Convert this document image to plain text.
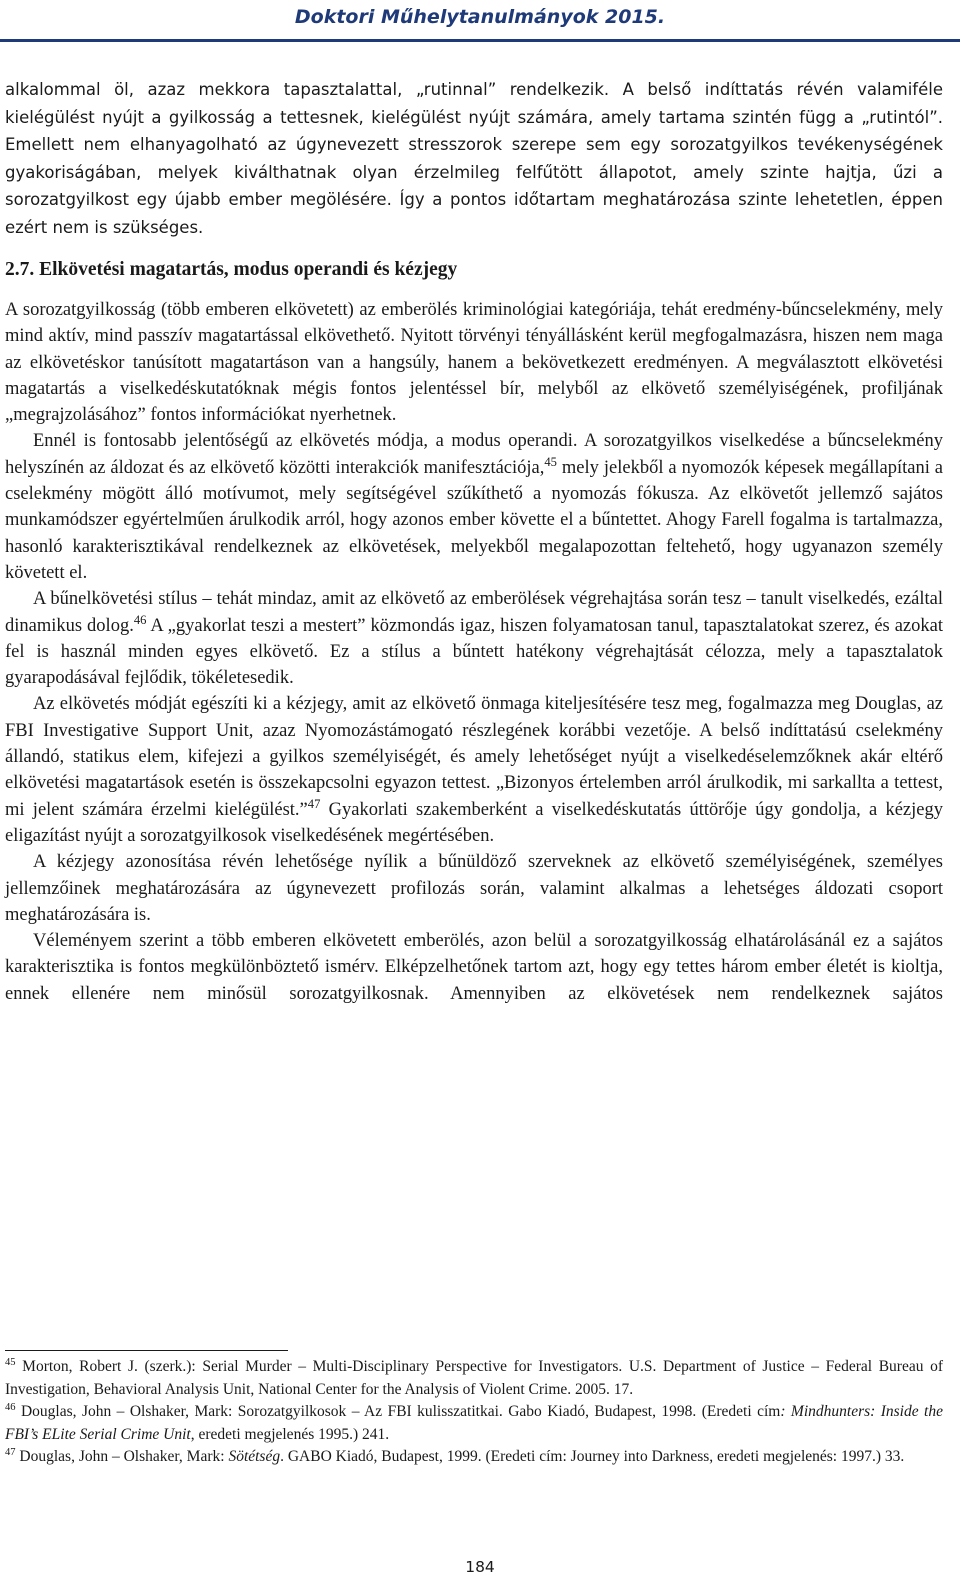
Doktori Műhelytanulmányok 2015.

alkalommal öl, azaz mekkora tapasztalattal, „rutinnal” rendelkezik. A belső indíttatás révén valamiféle kielégülést nyújt a gyilkosság a tettesnek, kielégülést nyújt számára, amely tartama szintén függ a „rutintól”. Emellett nem elhanyagolható az úgynevezett stresszorok szerepe sem egy sorozatgyilkos tevékenységének gyakoriságában, melyek kiválthatnak olyan érzelmileg felfűtött állapotot, amely szinte hajtja, űzi a sorozatgyilkost egy újabb ember megölésére. Így a pontos időtartam meghatározása szinte lehetetlen, éppen ezért nem is szükséges.

2.7. Elkövetési magatartás, modus operandi és kézjegy

A sorozatgyilkosság (több emberen elkövetett) az emberölés kriminológiai kategóriája, tehát eredmény-bűncselekmény, mely mind aktív, mind passzív magatartással elkövethető. Nyitott törvényi tényállásként kerül megfogalmazásra, hiszen nem maga az elkövetéskor tanúsított magatartáson van a hangsúly, hanem a bekövetkezett eredményen. A megválasztott elkövetési magatartás a viselkedéskutatóknak mégis fontos jelentéssel bír, melyből az elkövető személyiségének, profiljának „megrajzolásához” fontos információkat nyerhetnek.

Ennél is fontosabb jelentőségű az elkövetés módja, a modus operandi. A sorozatgyilkos viselkedése a bűncselekmény helyszínén az áldozat és az elkövető közötti interakciók manifesztációja,$^{45}$ mely jelekből a nyomozók képesek megállapítani a cselekmény mögött álló motívumot, mely segítségével szűkíthető a nyomozás fókusza. Az elkövetőt jellemző sajátos munkamódszer egyértelműen árulkodik arról, hogy azonos ember követte el a bűntettet. Ahogy Farell fogalma is tartalmazza, hasonló karakterisztikával rendelkeznek az elkövetések, melyekből megalapozottan feltehető, hogy ugyanazon személy követett el.

A bűnelkövetési stílus – tehát mindaz, amit az elkövető az emberölések végrehajtása során tesz – tanult viselkedés, ezáltal dinamikus dolog.$^{46}$ A „gyakorlat teszi a mestert” közmondás igaz, hiszen folyamatosan tanul, tapasztalatokat szerez, és azokat fel is használ minden egyes elkövető. Ez a stílus a bűntett hatékony végrehajtását célozza, mely a tapasztalatok gyarapodásával fejlődik, tökéletesedik.

Az elkövetés módját egészíti ki a kézjegy, amit az elkövető önmaga kiteljesítésére tesz meg, fogalmazza meg Douglas, az FBI Investigative Support Unit, azaz Nyomozástámogató részlegének korábbi vezetője. A belső indíttatású cselekmény állandó, statikus elem, kifejezi a gyilkos személyiségét, és amely lehetőséget nyújt a viselkedéselemzőknek akár eltérő elkövetési magatartások esetén is összekapcsolni egyazon tettest. „Bizonyos értelemben arról árulkodik, mi sarkallta a tettest, mi jelent számára érzelmi kielégülést.”$^{47}$ Gyakorlati szakemberként a viselkedéskutatás úttörője úgy gondolja, a kézjegy eligazítást nyújt a sorozatgyilkosok viselkedésének megértésében.

A kézjegy azonosítása révén lehetősége nyílik a bűnüldöző szerveknek az elkövető személyiségének, személyes jellemzőinek meghatározására az úgynevezett profilozás során, valamint alkalmas a lehetséges áldozati csoport meghatározására is.

Véleményem szerint a több emberen elkövetett emberölés, azon belül a sorozatgyilkosság elhatárolásánál ez a sajátos karakterisztika is fontos megkülönböztető ismérv. Elképzelhetőnek tartom azt, hogy egy tettes három ember életét is kioltja, ennek ellenére nem minősül sorozatgyilkosnak. Amennyiben az elkövetések nem rendelkeznek sajátos

$^{45}$ Morton, Robert J. (szerk.): Serial Murder – Multi-Disciplinary Perspective for Investigators. U.S. Department of Justice – Federal Bureau of Investigation, Behavioral Analysis Unit, National Center for the Analysis of Violent Crime. 2005. 17.

$^{46}$ Douglas, John – Olshaker, Mark: Sorozatgyilkosok – Az FBI kulisszatitkai. Gabo Kiadó, Budapest, 1998. (Eredeti cím: Mindhunters: Inside the FBI’s ELite Serial Crime Unit, eredeti megjelenés 1995.) 241.

$^{47}$ Douglas, John – Olshaker, Mark: Sötétség. GABO Kiadó, Budapest, 1999. (Eredeti cím: Journey into Darkness, eredeti megjelenés: 1997.) 33.

184
